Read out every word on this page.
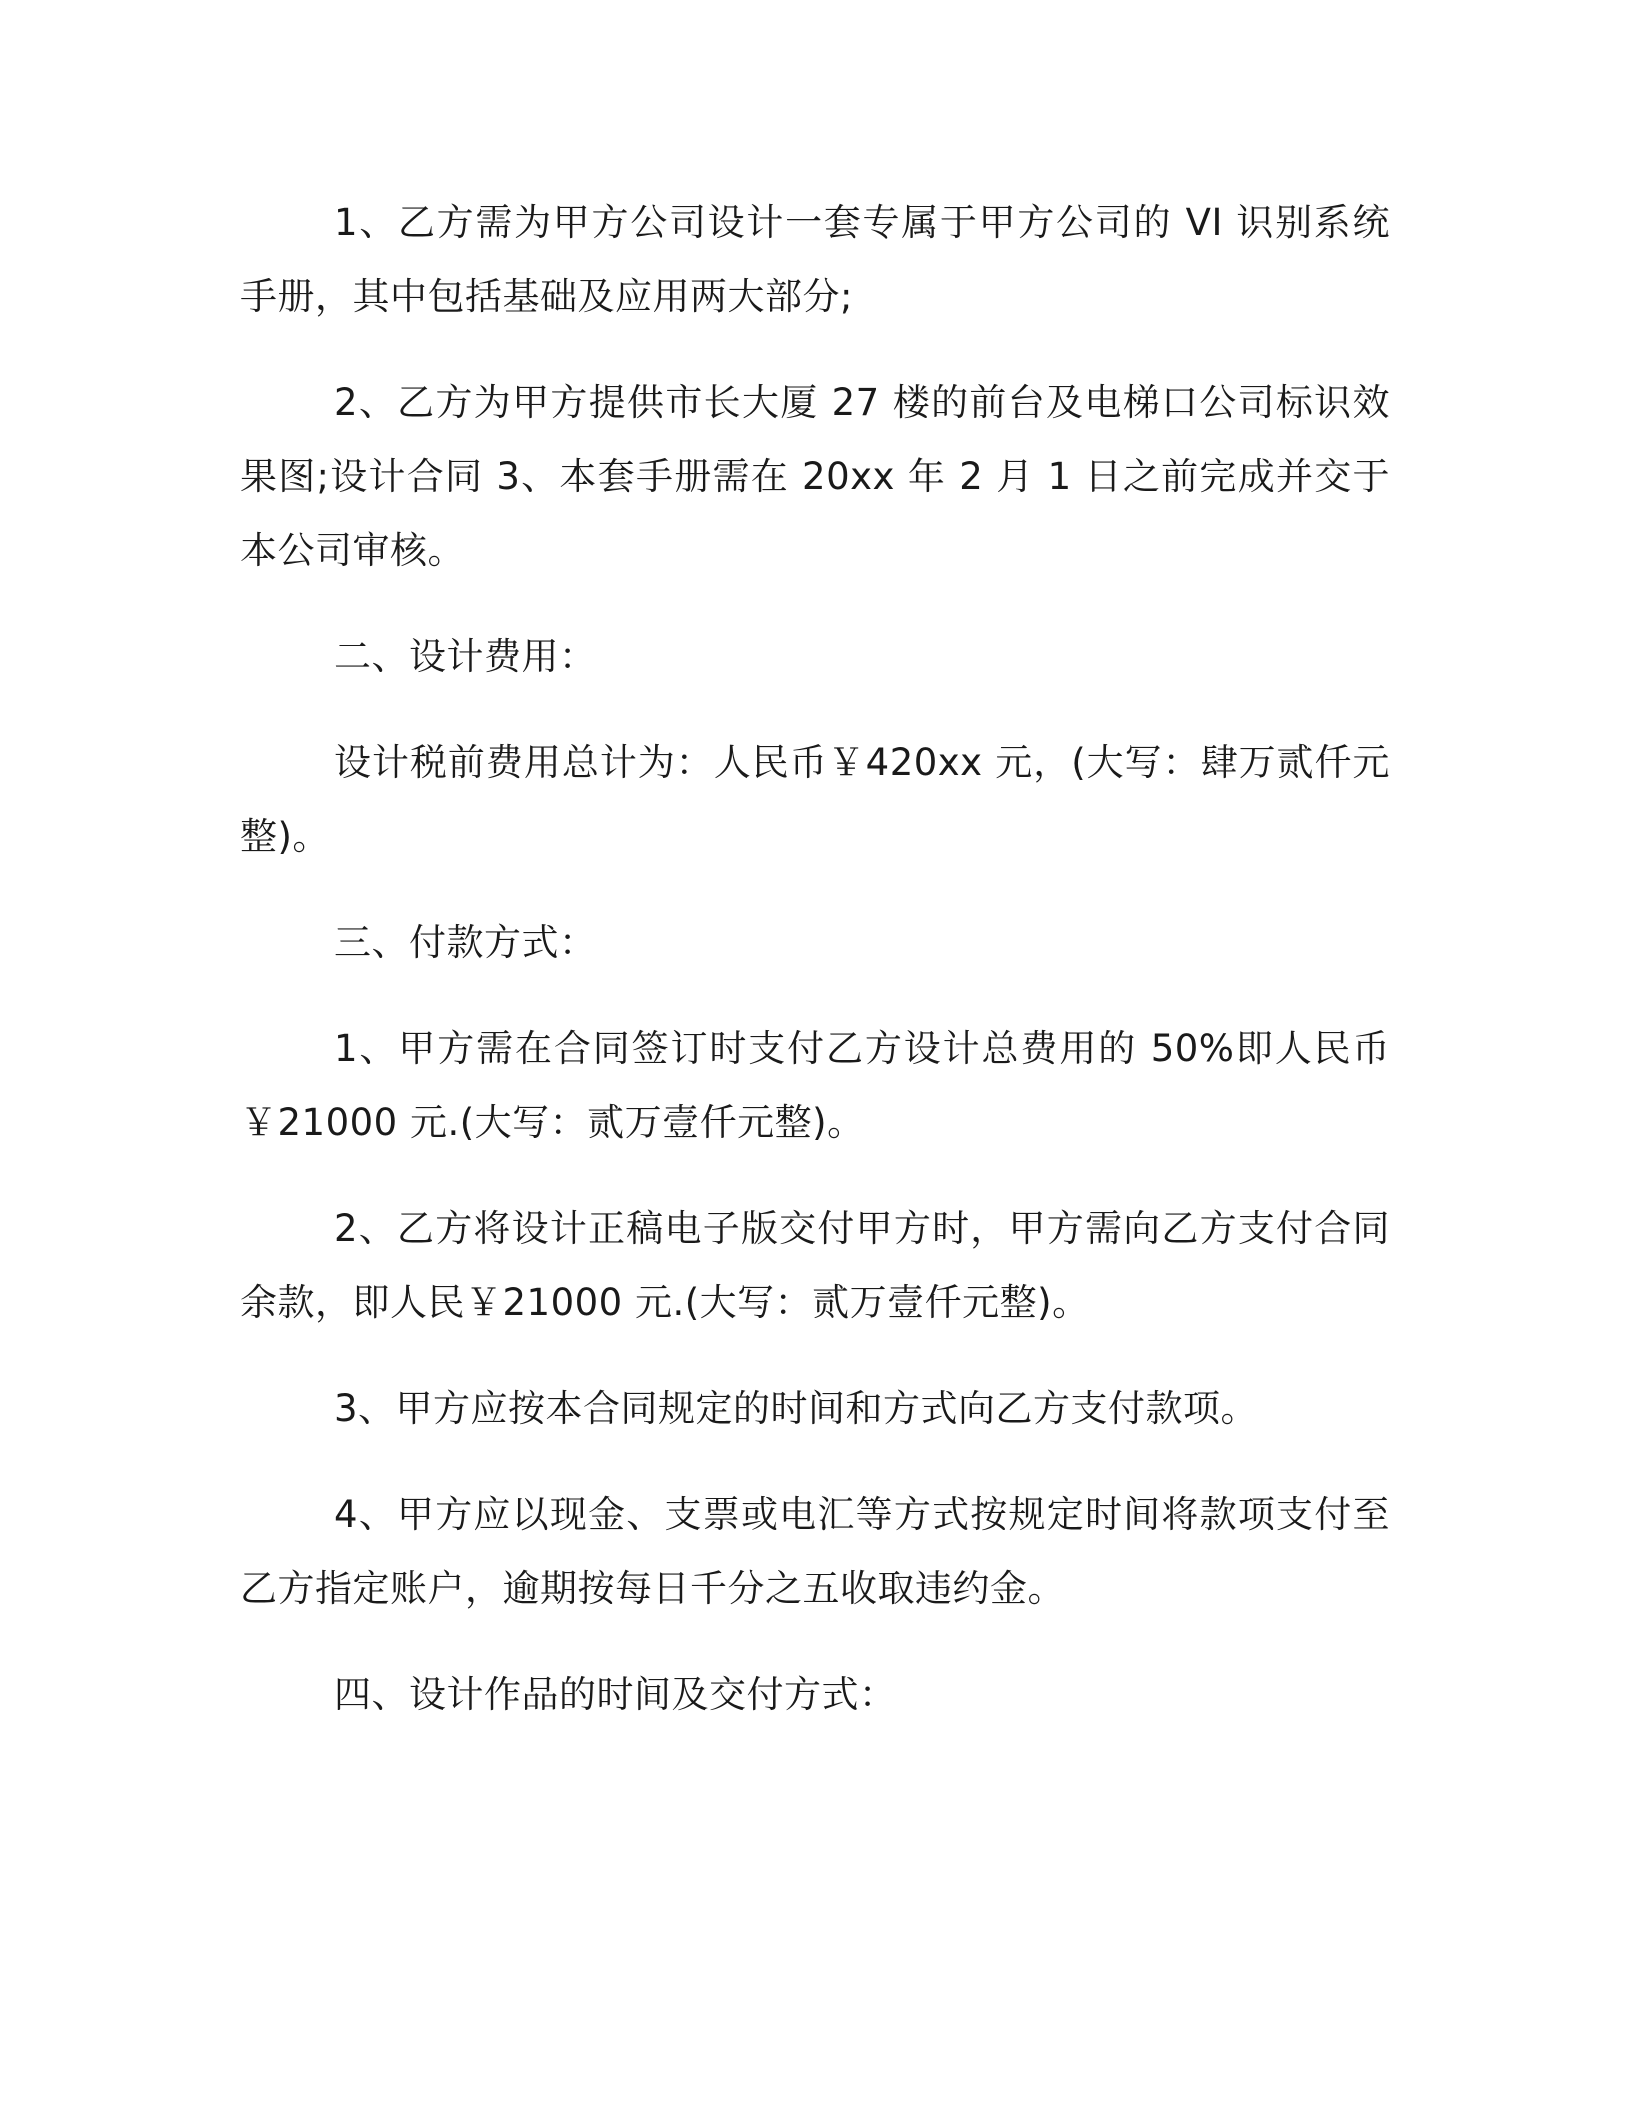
1、乙方需为甲方公司设计一套专属于甲方公司的 VI 识别系统手册，其中包括基础及应用两大部分;

2、乙方为甲方提供市长大厦 27 楼的前台及电梯口公司标识效果图;设计合同 3、本套手册需在 20xx 年 2 月 1 日之前完成并交于本公司审核。

二、设计费用：

设计税前费用总计为：人民币￥420xx 元，(大写：肆万贰仟元整)。

三、付款方式：

1、甲方需在合同签订时支付乙方设计总费用的 50%即人民币￥21000 元.(大写：贰万壹仟元整)。

2、乙方将设计正稿电子版交付甲方时，甲方需向乙方支付合同余款，即人民￥21000 元.(大写：贰万壹仟元整)。

3、甲方应按本合同规定的时间和方式向乙方支付款项。

4、甲方应以现金、支票或电汇等方式按规定时间将款项支付至乙方指定账户，逾期按每日千分之五收取违约金。

四、设计作品的时间及交付方式：
